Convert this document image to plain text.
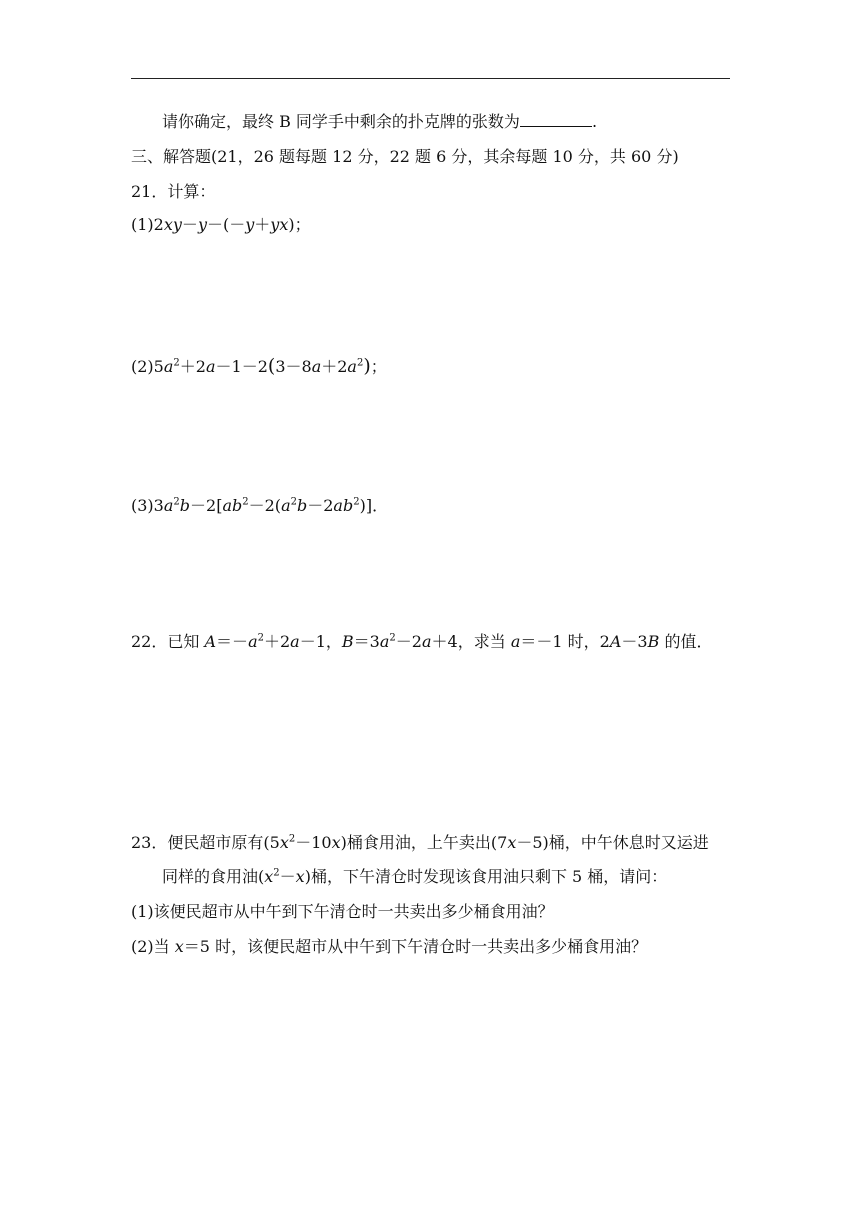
请你确定，最终 B 同学手中剩余的扑克牌的张数为	.
三、解答题(21，26 题每题 12 分，22 题 6 分，其余每题 10 分，共 60 分)
21．计算：
(1)2xy－y－(－y＋yx)；
$(2)5a^2+2a-1-2(3-8a+2a^2)$；
$(3)3a^2b-2[ab^2-2(a^2b-2ab^2)]$．
22．已知 $A=-a^2+2a-1$，$B=3a^2-2a+4$，求当 a＝－1 时，2A－3B 的值．
23．便民超市原有$(5x^2-10x)$桶食用油，上午卖出(7x－5)桶，中午休息时又运进
同样的食用油$(x^2-x)$桶，下午清仓时发现该食用油只剩下 5 桶，请问：
(1)该便民超市从中午到下午清仓时一共卖出多少桶食用油？
(2)当 x＝5 时，该便民超市从中午到下午清仓时一共卖出多少桶食用油？
